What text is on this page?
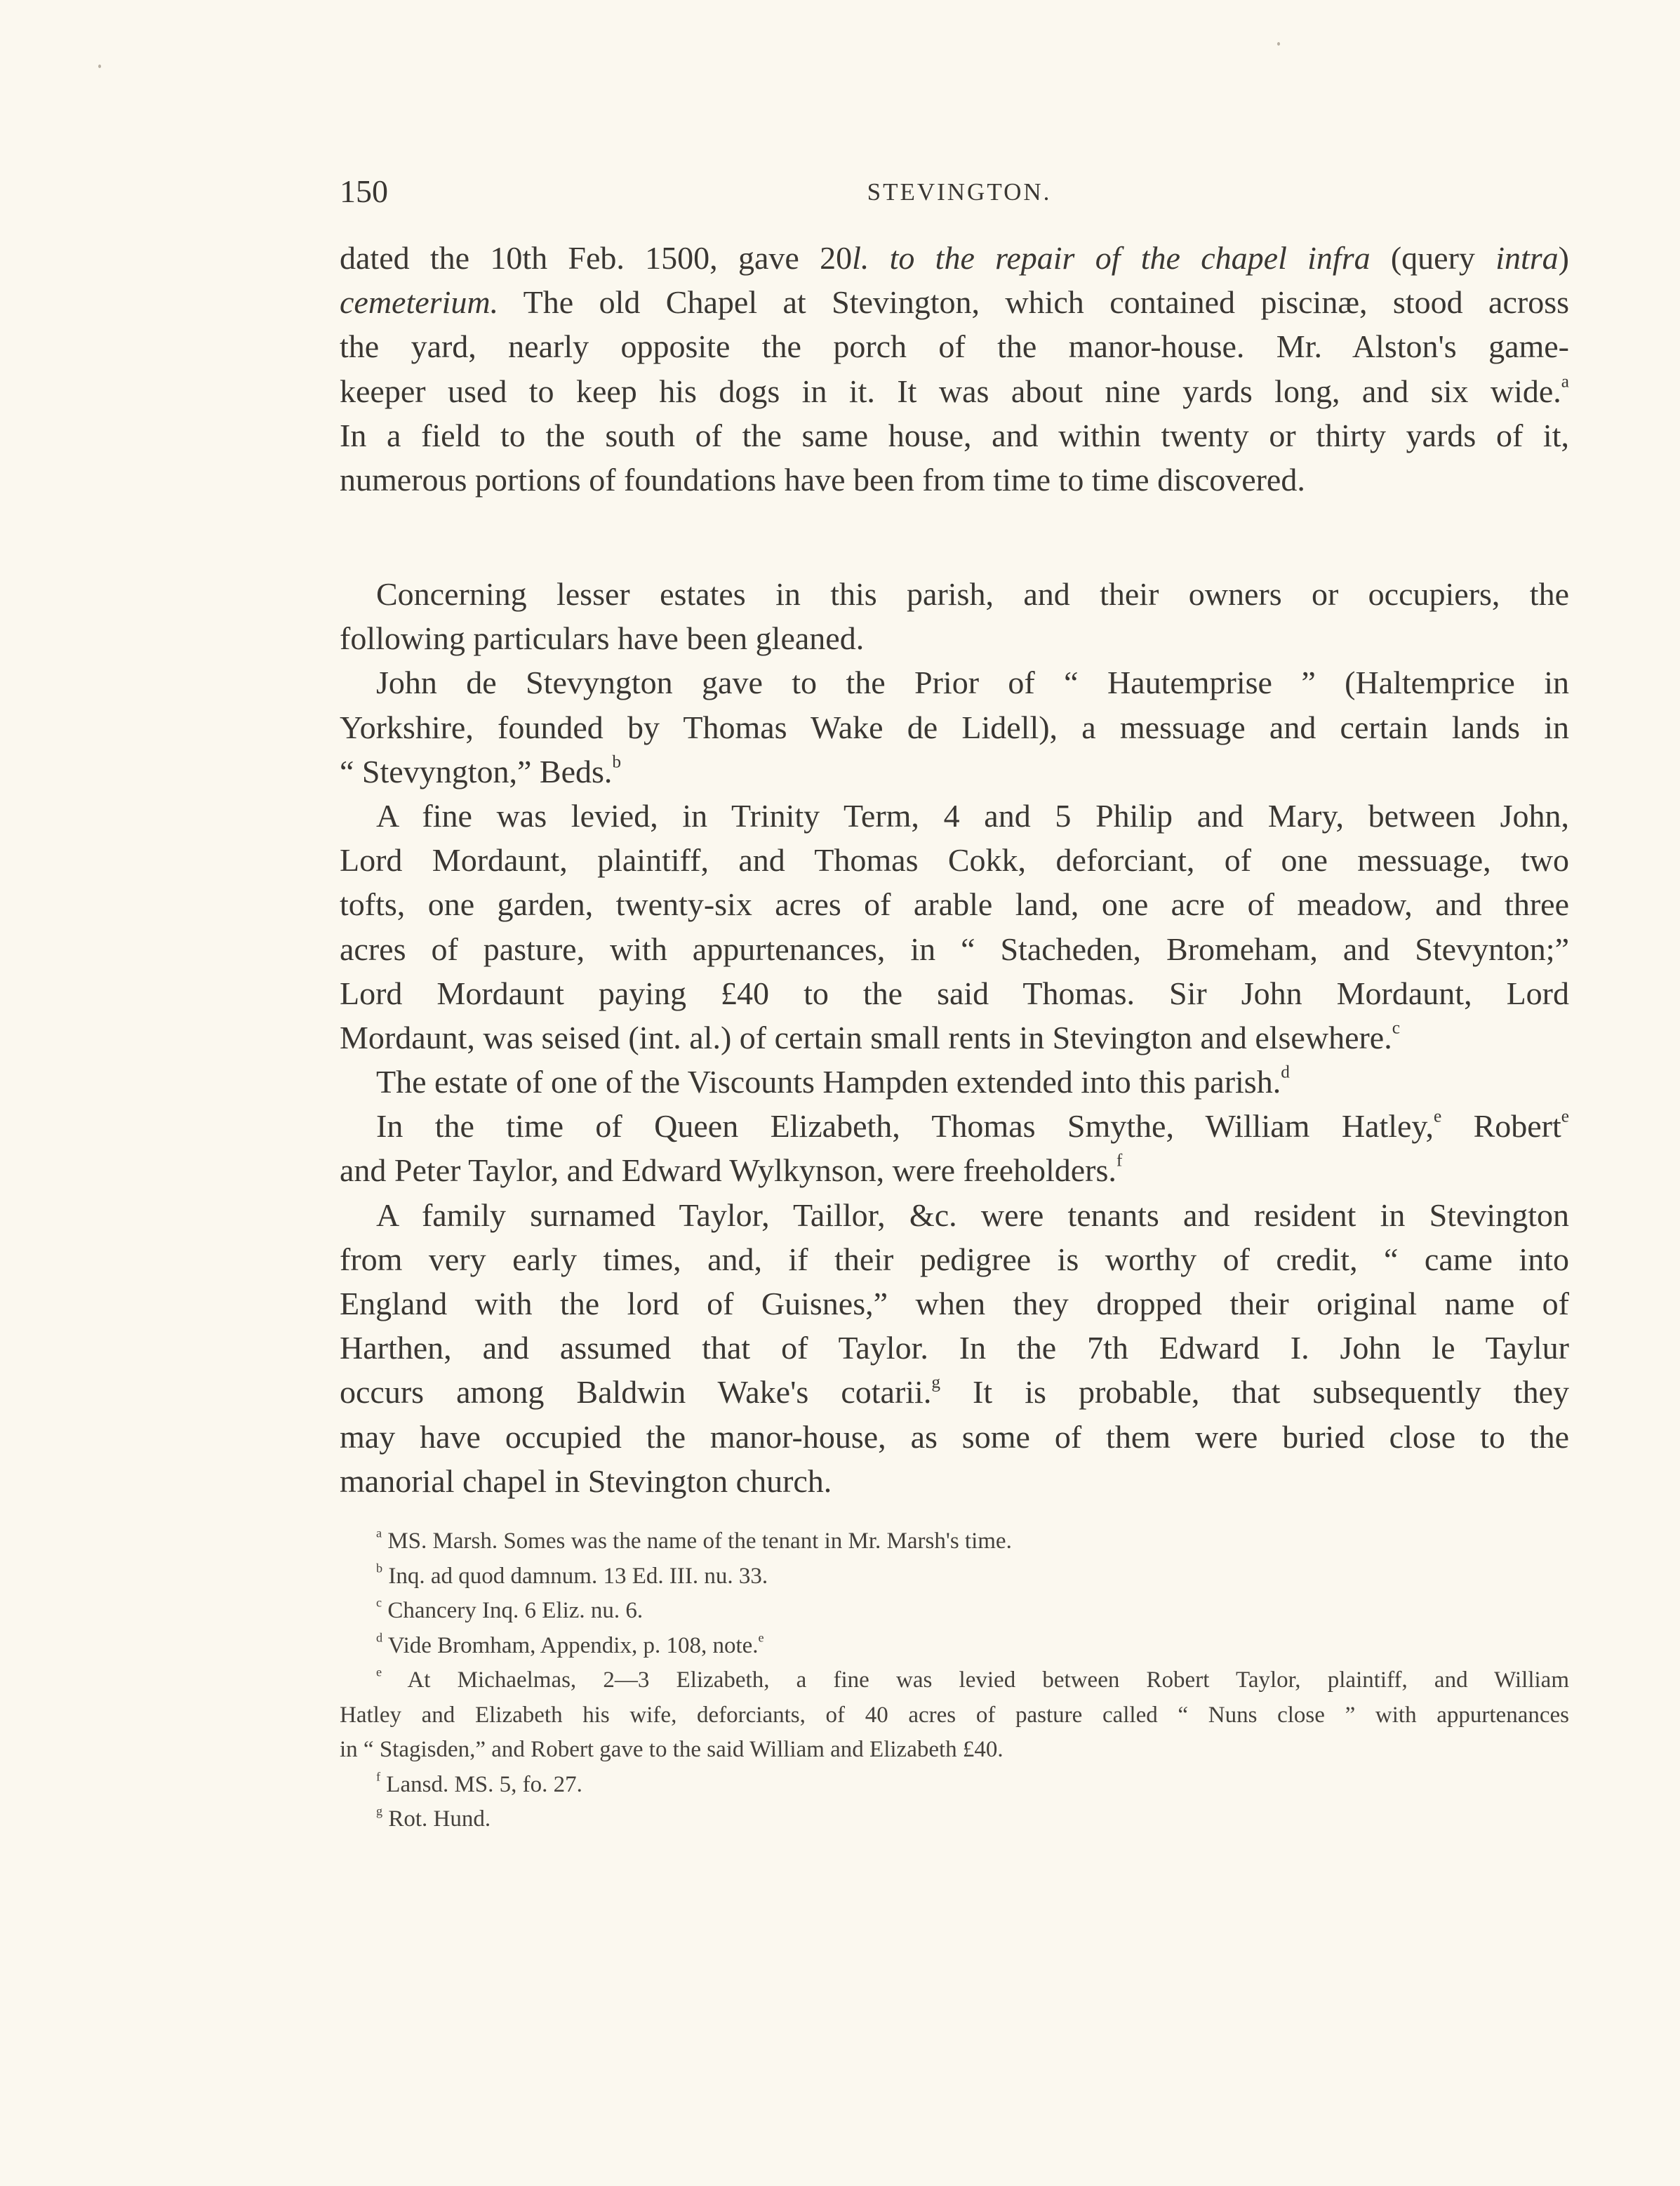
150	STEVINGTON.
dated the 10th Feb. 1500, gave 20l. to the repair of the chapel infra (query intra)
cemeterium. The old Chapel at Stevington, which contained piscinæ, stood across
the yard, nearly opposite the porch of the manor-house. Mr. Alston's game-
keeper used to keep his dogs in it. It was about nine yards long, and six wide.$^a$
In a field to the south of the same house, and within twenty or thirty yards of it,
numerous portions of foundations have been from time to time discovered.
Concerning lesser estates in this parish, and their owners or occupiers, the
following particulars have been gleaned.
John de Stevyngton gave to the Prior of “ Hautemprise ” (Haltemprice in
Yorkshire, founded by Thomas Wake de Lidell), a messuage and certain lands in
“ Stevyngton,” Beds.$^b$
A fine was levied, in Trinity Term, 4 and 5 Philip and Mary, between John,
Lord Mordaunt, plaintiff, and Thomas Cokk, deforciant, of one messuage, two
tofts, one garden, twenty-six acres of arable land, one acre of meadow, and three
acres of pasture, with appurtenances, in “ Stacheden, Bromeham, and Stevynton;”
Lord Mordaunt paying £40 to the said Thomas. Sir John Mordaunt, Lord
Mordaunt, was seised (int. al.) of certain small rents in Stevington and elsewhere.$^c$
The estate of one of the Viscounts Hampden extended into this parish.$^d$
In the time of Queen Elizabeth, Thomas Smythe, William Hatley,$^e$ Robert$^e$
and Peter Taylor, and Edward Wylkynson, were freeholders.$^f$
A family surnamed Taylor, Taillor, &c. were tenants and resident in Stevington
from very early times, and, if their pedigree is worthy of credit, “ came into
England with the lord of Guisnes,” when they dropped their original name of
Harthen, and assumed that of Taylor. In the 7th Edward I. John le Taylur
occurs among Baldwin Wake's cotarii.$^g$ It is probable, that subsequently they
may have occupied the manor-house, as some of them were buried close to the
manorial chapel in Stevington church.
$^a$ MS. Marsh. Somes was the name of the tenant in Mr. Marsh's time.
$^b$ Inq. ad quod damnum. 13 Ed. III. nu. 33.
$^c$ Chancery Inq. 6 Eliz. nu. 6.
$^d$ Vide Bromham, Appendix, p. 108, note.$^e$
$^e$ At Michaelmas, 2—3 Elizabeth, a fine was levied between Robert Taylor, plaintiff, and William
Hatley and Elizabeth his wife, deforciants, of 40 acres of pasture called “ Nuns close ” with appurtenances
in “ Stagisden,” and Robert gave to the said William and Elizabeth £40.
$^f$ Lansd. MS. 5, fo. 27.
$^g$ Rot. Hund.
